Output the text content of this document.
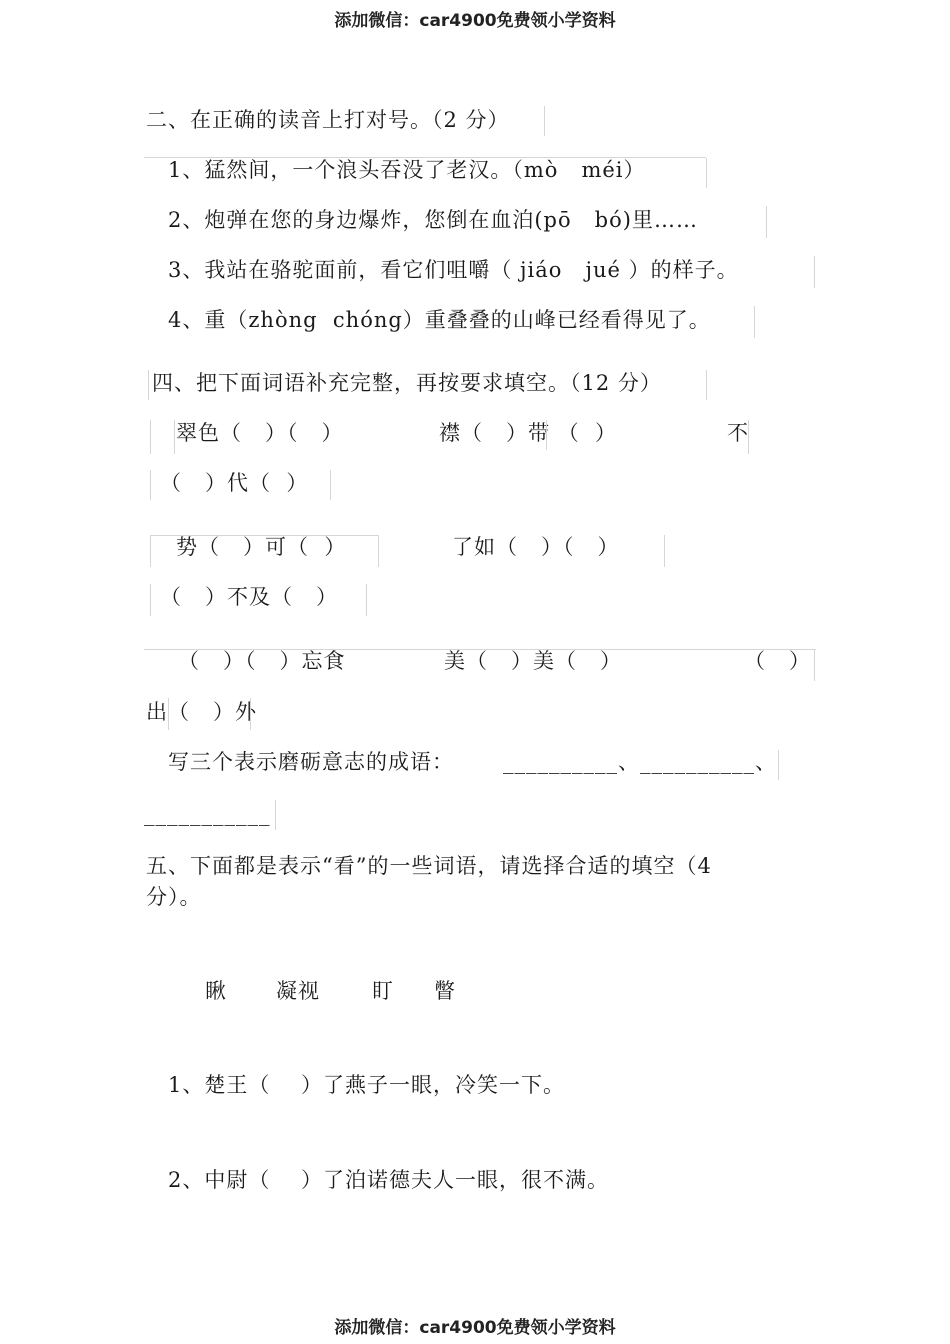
添加微信：car4900免费领小学资料
二、在正确的读音上打对号。（2 分）
1、猛然间，一个浪头吞没了老汉。（mò   méi）
2、炮弹在您的身边爆炸，您倒在血泊(pō   bó)里……
3、我站在骆驼面前，看它们咀嚼（ jiáo   jué ）的样子。
4、重（zhòng  chóng）重叠叠的山峰已经看得见了。
四、把下面词语补充完整，再按要求填空。（12 分）
翠色（   ）（   ）	襟（   ）带 （  ）	不
（   ）代（  ）
势（   ）可（  ）	了如（   ）（   ）
（   ）不及（   ）
（   ）（   ）忘食	美（   ）美（   ）	（   ）
出（   ）外
写三个表示磨砺意志的成语： __________、__________、
___________
五、下面都是表示“看”的一些词语，请选择合适的填空（4
分）。
瞅 凝视 盯 瞥
1、楚王（    ）了燕子一眼，冷笑一下。
2、中尉（    ）了泊诺德夫人一眼，很不满。
添加微信：car4900免费领小学资料
